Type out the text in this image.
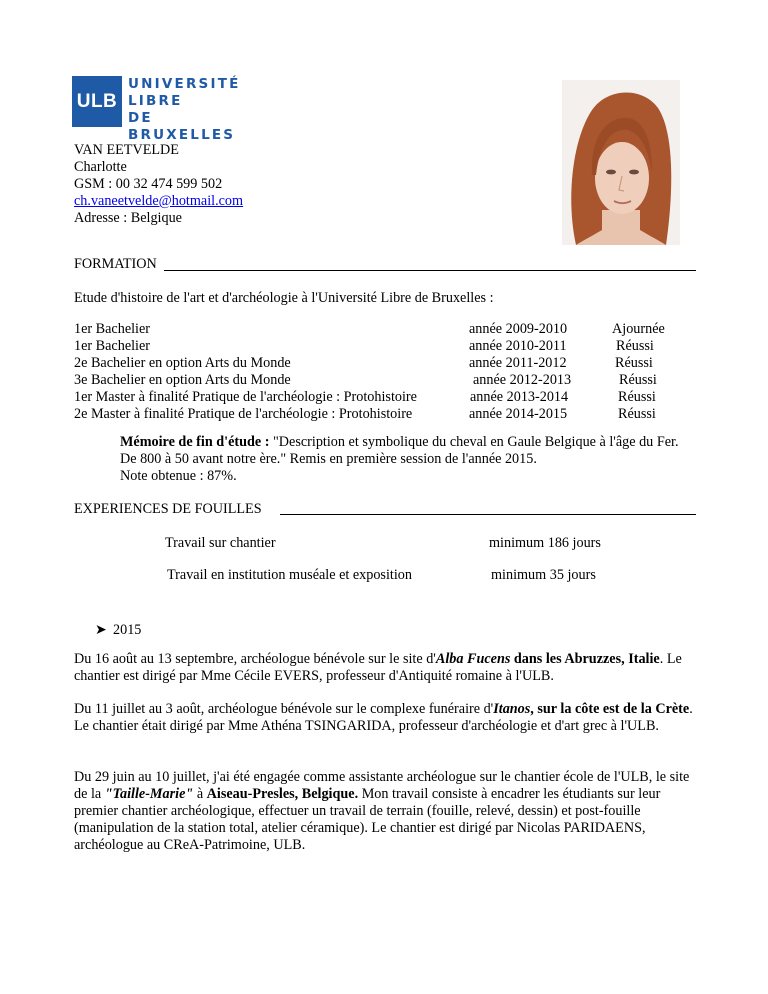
ULB
UNIVERSITÉ
LIBRE
DE BRUXELLES
VAN EETVELDE
Charlotte
GSM : 00 32 474 599 502
ch.vaneetvelde@hotmail.com
Adresse : Belgique
FORMATION
Etude d'histoire de l'art et d'archéologie à l'Université Libre de Bruxelles :
1er Bachelier	année 2009-2010	Ajournée
1er Bachelier	année 2010-2011	Réussi
2e Bachelier en option Arts du Monde	année 2011-2012	Réussi
3e Bachelier en option Arts du Monde	année 2012-2013	Réussi
1er Master à finalité Pratique de l'archéologie : Protohistoire	année 2013-2014	Réussi
2e Master à finalité Pratique de l'archéologie : Protohistoire	année 2014-2015	Réussi
Mémoire de fin d'étude : "Description et symbolique du cheval en Gaule Belgique à l'âge du Fer. De 800 à 50 avant notre ère." Remis en première session de l'année 2015.
Note obtenue : 87%.
EXPERIENCES DE FOUILLES
Travail sur chantier	minimum 186 jours
Travail en institution muséale et exposition	minimum 35 jours
➤ 2015
Du 16 août au 13 septembre, archéologue bénévole sur le site d'Alba Fucens dans les Abruzzes, Italie. Le chantier est dirigé par Mme Cécile EVERS, professeur d'Antiquité romaine à l'ULB.
Du 11 juillet au 3 août, archéologue bénévole sur le complexe funéraire d'Itanos, sur la côte est de la Crète. Le chantier était dirigé par Mme Athéna TSINGARIDA, professeur d'archéologie et d'art grec à l'ULB.
Du 29 juin au 10 juillet, j'ai été engagée comme assistante archéologue sur le chantier école de l'ULB, le site de la "Taille-Marie" à Aiseau-Presles, Belgique. Mon travail consiste à encadrer les étudiants sur leur premier chantier archéologique, effectuer un travail de terrain (fouille, relevé, dessin) et post-fouille (manipulation de la station total, atelier céramique). Le chantier est dirigé par Nicolas PARIDAENS, archéologue au CReA-Patrimoine, ULB.
